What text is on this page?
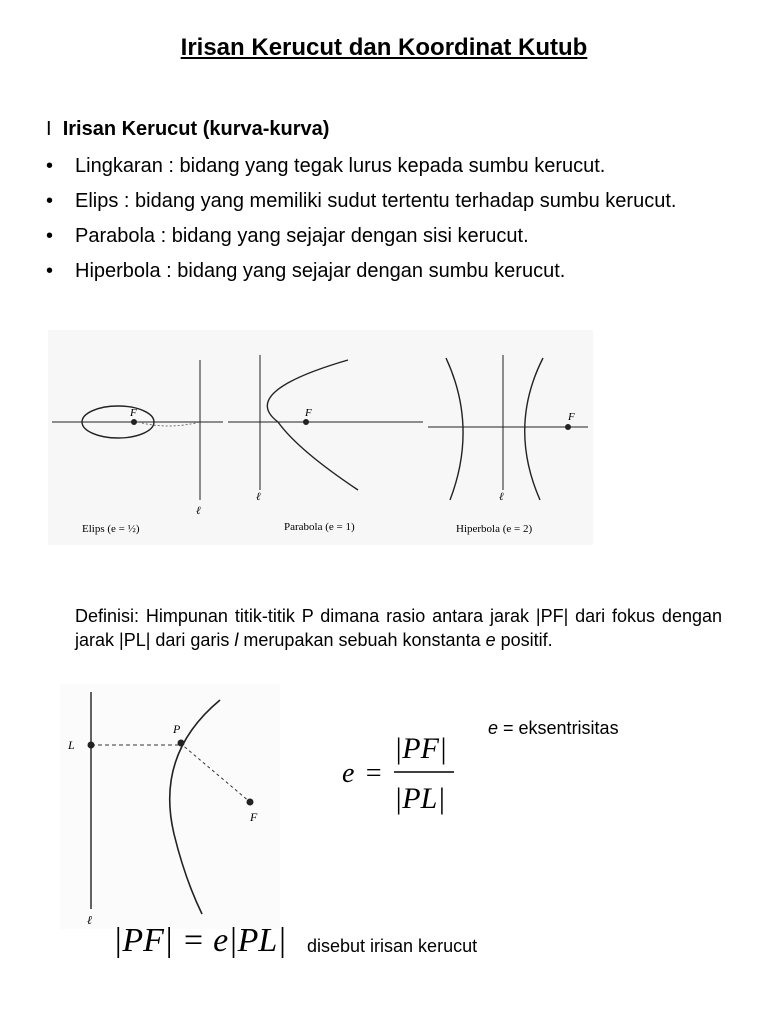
Irisan Kerucut dan Koordinat Kutub
I Irisan Kerucut (kurva-kurva)
• Lingkaran : bidang yang tegak lurus kepada sumbu kerucut.
• Elips : bidang yang memiliki sudut tertentu terhadap sumbu kerucut.
• Parabola : bidang yang sejajar dengan sisi kerucut.
• Hiperbola : bidang yang sejajar dengan sumbu kerucut.
F
ℓ
Elips (e = ½)
F
ℓ
Parabola (e = 1)
F
ℓ
Hiperbola (e = 2)
Definisi: Himpunan titik-titik P dimana rasio antara jarak |PF| dari fokus dengan jarak |PL| dari garis l merupakan sebuah konstanta e positif.
L
P
F
ℓ
e =
|PF|
|PL|
e = eksentrisitas
|PF| = e|PL| disebut irisan kerucut
